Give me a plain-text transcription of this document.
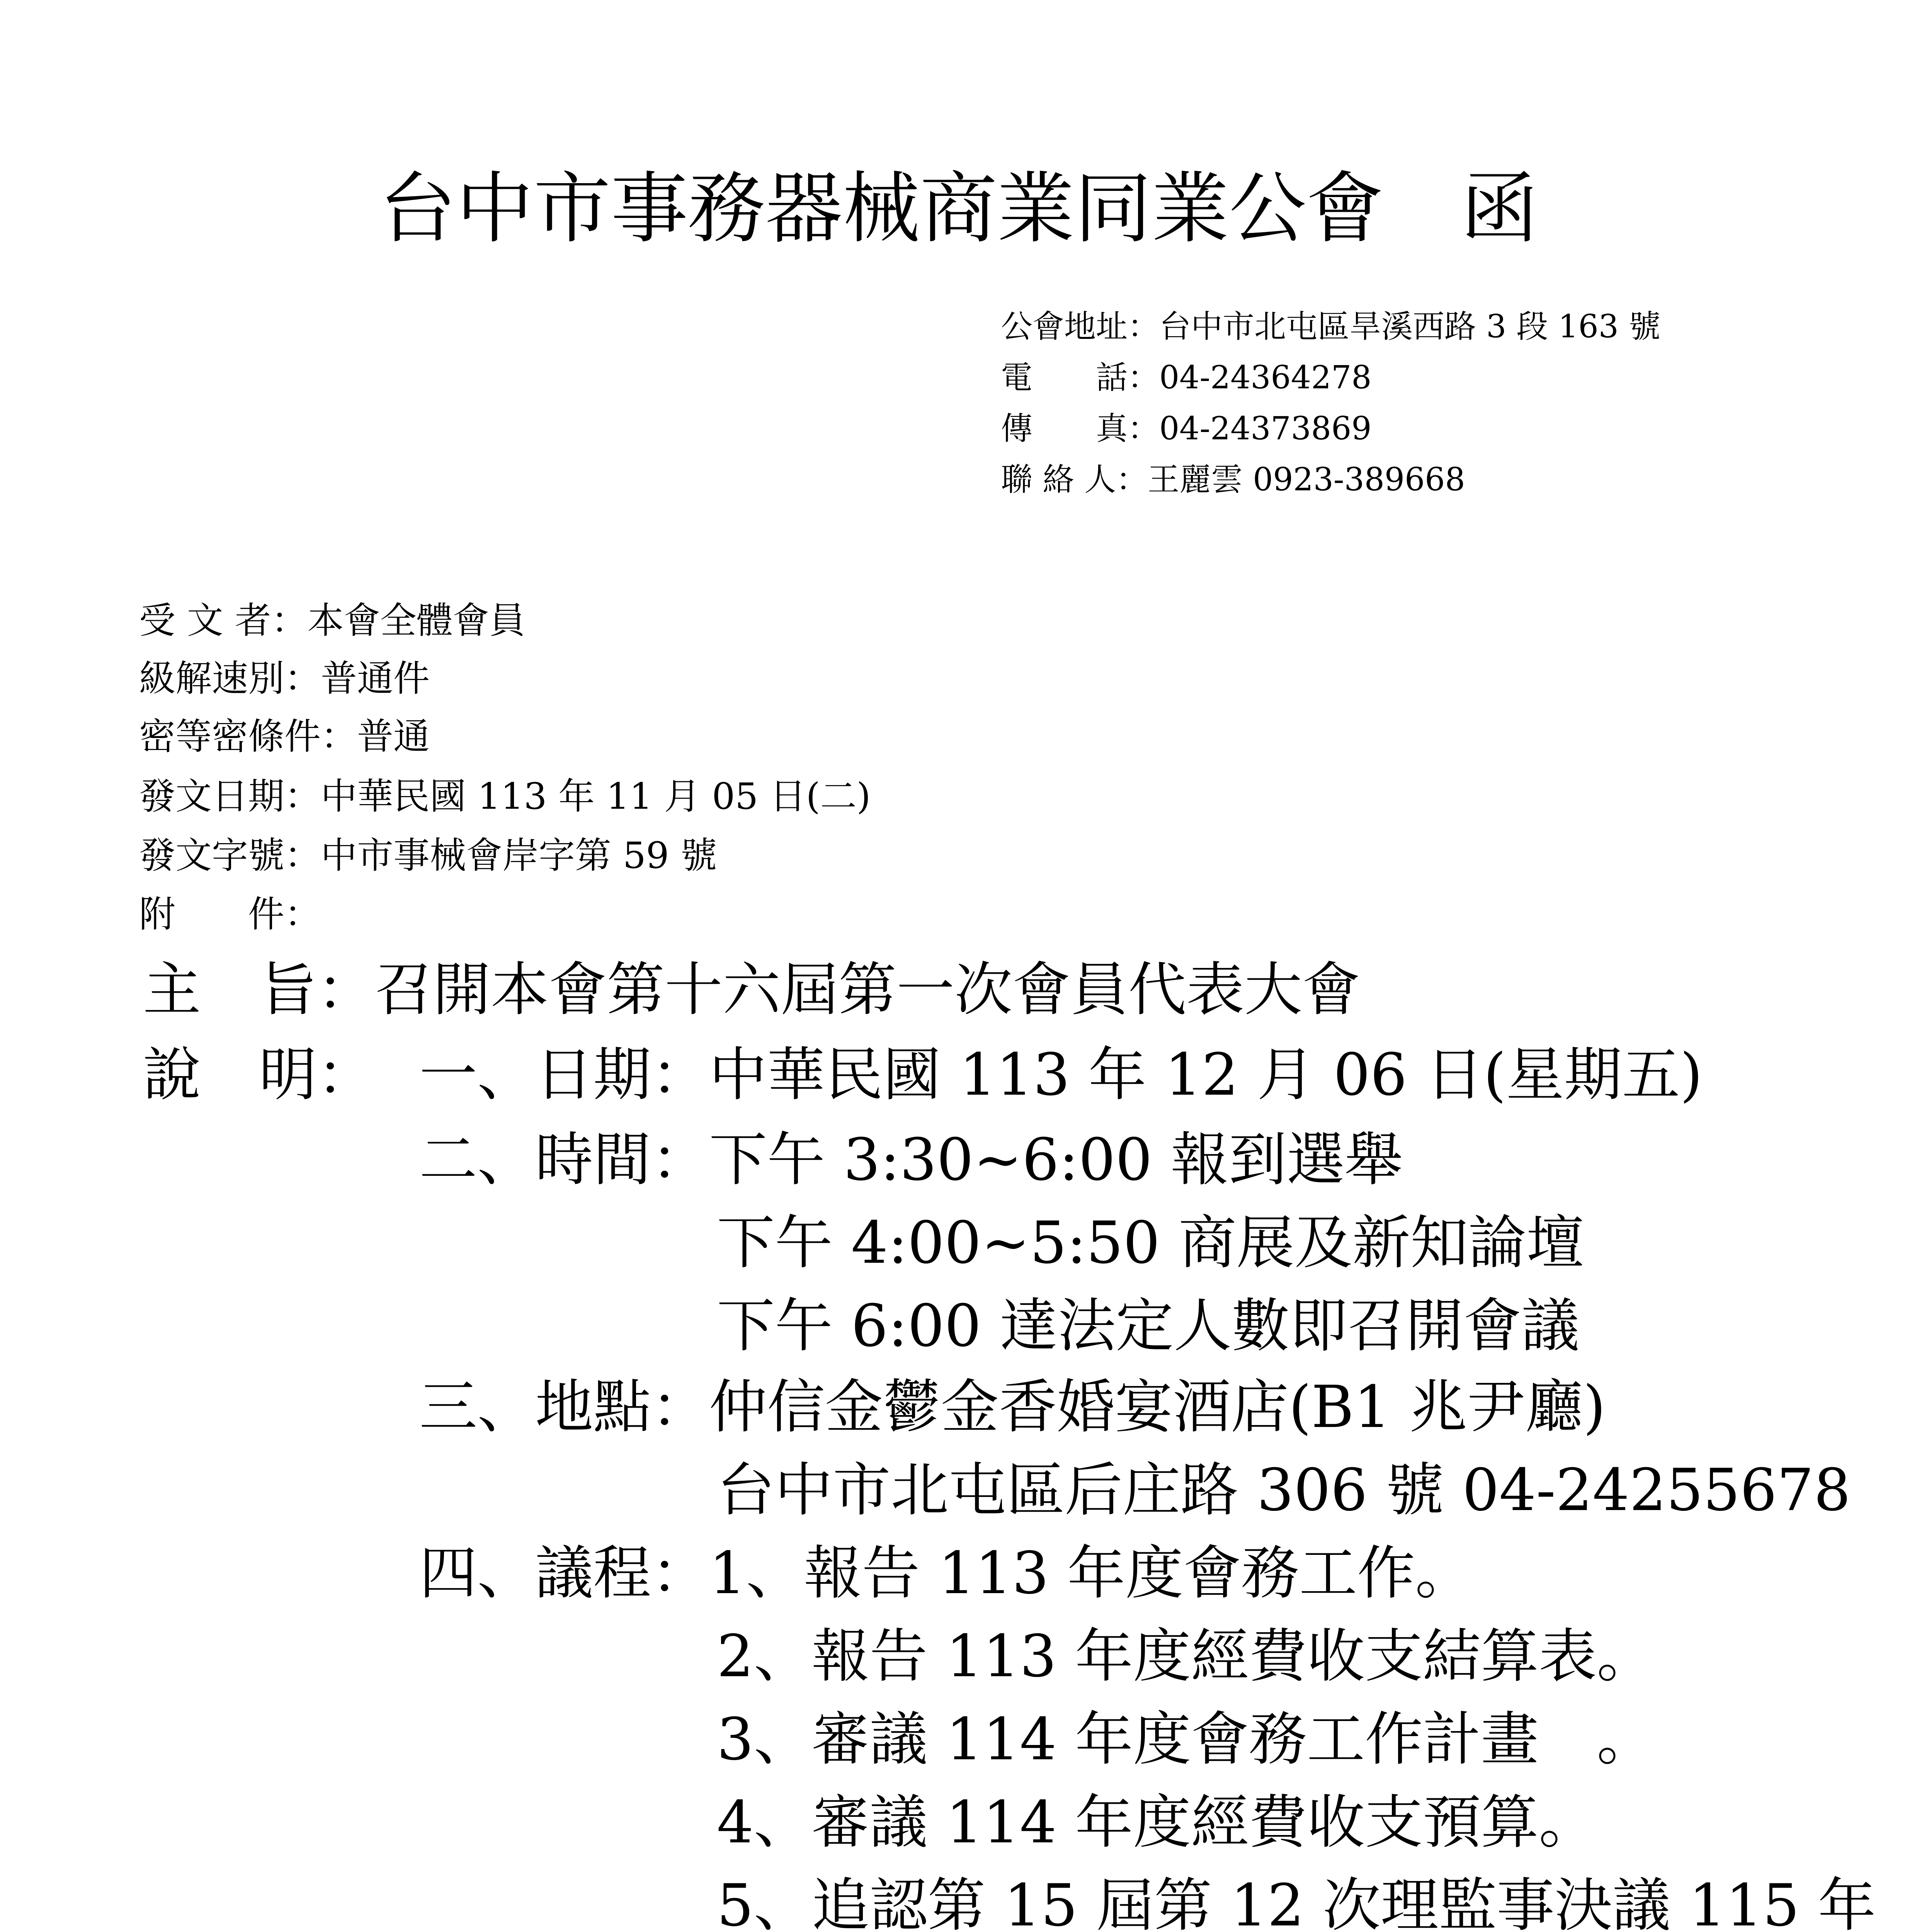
台中市事務器械商業同業公會　函
公會地址：台中市北屯區旱溪西路 3 段 163 號
電　　話：04-24364278
傳　　真：04-24373869
聯 絡 人：王麗雲 0923-389668
受 文 者：本會全體會員
級解速別：普通件
密等密條件：普通
發文日期：中華民國 113 年 11 月 05 日(二)
發文字號：中市事械會岸字第 59 號
附　　件：
主　旨：召開本會第十六屆第一次會員代表大會
說　明： 一、日期：中華民國 113 年 12 月 06 日(星期五)
二、時間：下午 3:30~6:00 報到選舉
下午 4:00~5:50 商展及新知論壇
下午 6:00 達法定人數即召開會議
三、地點：仲信金鬱金香婚宴酒店(B1 兆尹廳)
台中市北屯區后庄路 306 號 04-24255678
四、議程：1、報告 113 年度會務工作。
2、報告 113 年度經費收支結算表。
3、審議 114 年度會務工作計畫　。
4、審議 114 年度經費收支預算。
5、追認第 15 屆第 12 次理監事決議 115 年
